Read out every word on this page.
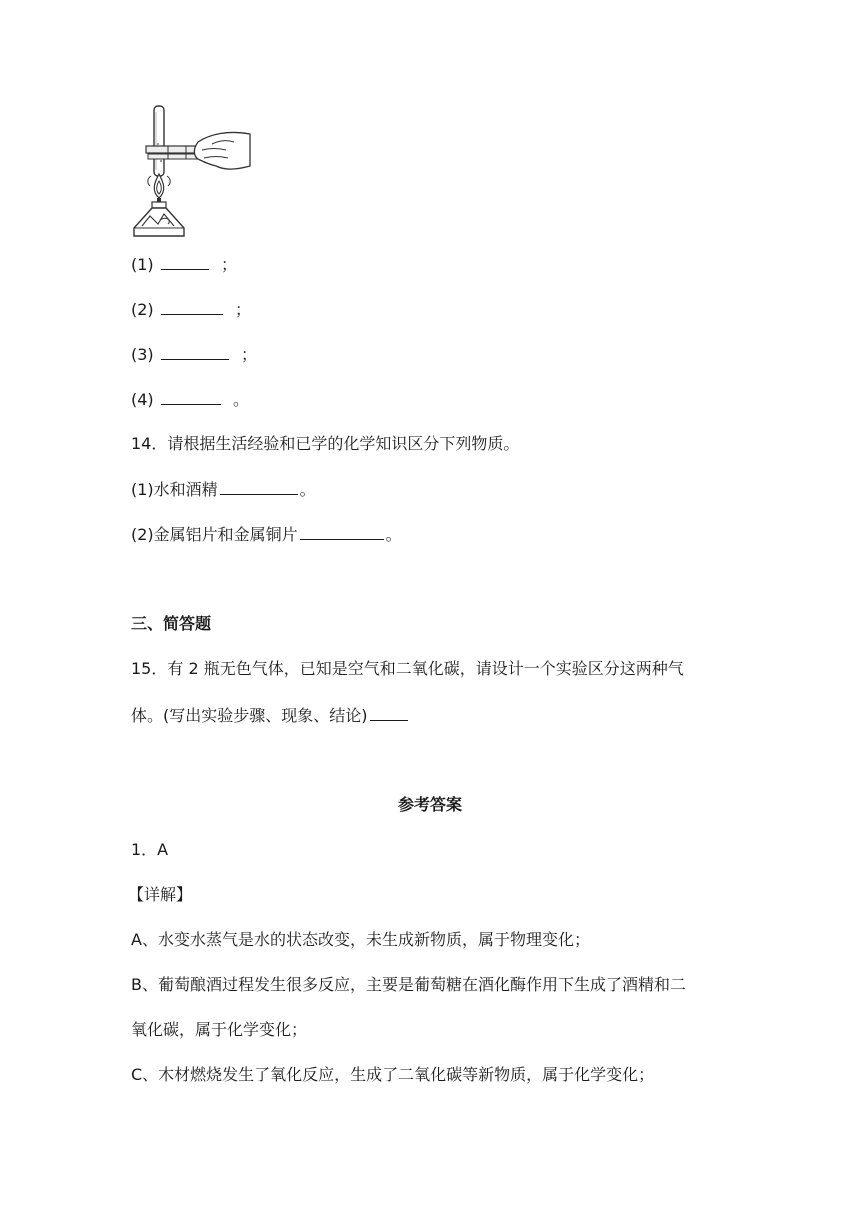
(1)	；
(2)	；
(3)	；
(4)	。
14．请根据生活经验和已学的化学知识区分下列物质。
(1)水和酒精	。
(2)金属铝片和金属铜片	。
三、简答题
15．有 2 瓶无色气体，已知是空气和二氧化碳，请设计一个实验区分这两种气
体。(写出实验步骤、现象、结论)
参考答案
1．A
【详解】
A、水变水蒸气是水的状态改变，未生成新物质，属于物理变化；
B、葡萄酿酒过程发生很多反应，主要是葡萄糖在酒化酶作用下生成了酒精和二
氧化碳，属于化学变化；
C、木材燃烧发生了氧化反应，生成了二氧化碳等新物质，属于化学变化；
